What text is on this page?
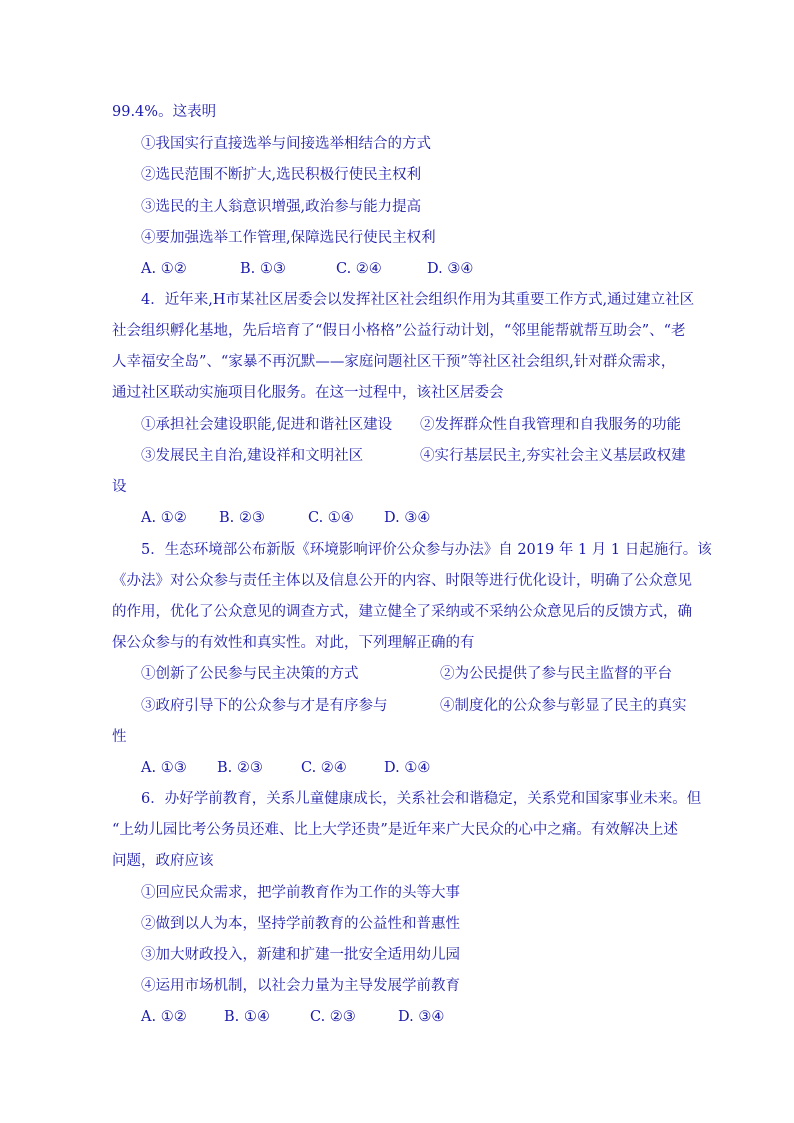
99.4%。这表明
①我国实行直接选举与间接选举相结合的方式
②选民范围不断扩大,选民积极行使民主权利
③选民的主人翁意识增强,政治参与能力提高
④要加强选举工作管理,保障选民行使民主权利
A. ①②	B. ①③	C. ②④	D. ③④
4．近年来,H市某社区居委会以发挥社区社会组织作用为其重要工作方式,通过建立社区
社会组织孵化基地，先后培育了“假日小格格”公益行动计划，“邻里能帮就帮互助会”、“老
人幸福安全岛”、“家暴不再沉默——家庭问题社区干预”等社区社会组织,针对群众需求，
通过社区联动实施项目化服务。在这一过程中，该社区居委会
①承担社会建设职能,促进和谐社区建设 ②发挥群众性自我管理和自我服务的功能
③发展民主自治,建设祥和文明社区	④实行基层民主,夯实社会主义基层政权建
设
A. ①② B. ②③	C. ①④ D. ③④
5．生态环境部公布新版《环境影响评价公众参与办法》自 2019 年 1 月 1 日起施行。该
《办法》对公众参与责任主体以及信息公开的内容、时限等进行优化设计，明确了公众意见
的作用，优化了公众意见的调查方式，建立健全了采纳或不采纳公众意见后的反馈方式，确
保公众参与的有效性和真实性。对此，下列理解正确的有
①创新了公民参与民主决策的方式	②为公民提供了参与民主监督的平台
③政府引导下的公众参与才是有序参与	④制度化的公众参与彰显了民主的真实
性
A. ①③ B. ②③	C. ②④	D. ①④
6．办好学前教育，关系儿童健康成长，关系社会和谐稳定，关系党和国家事业未来。但
“上幼儿园比考公务员还难、比上大学还贵”是近年来广大民众的心中之痛。有效解决上述
问题，政府应该
①回应民众需求，把学前教育作为工作的头等大事
②做到以人为本，坚持学前教育的公益性和普惠性
③加大财政投入，新建和扩建一批安全适用幼儿园
④运用市场机制，以社会力量为主导发展学前教育
A. ①②	B. ①④	C. ②③	D. ③④
